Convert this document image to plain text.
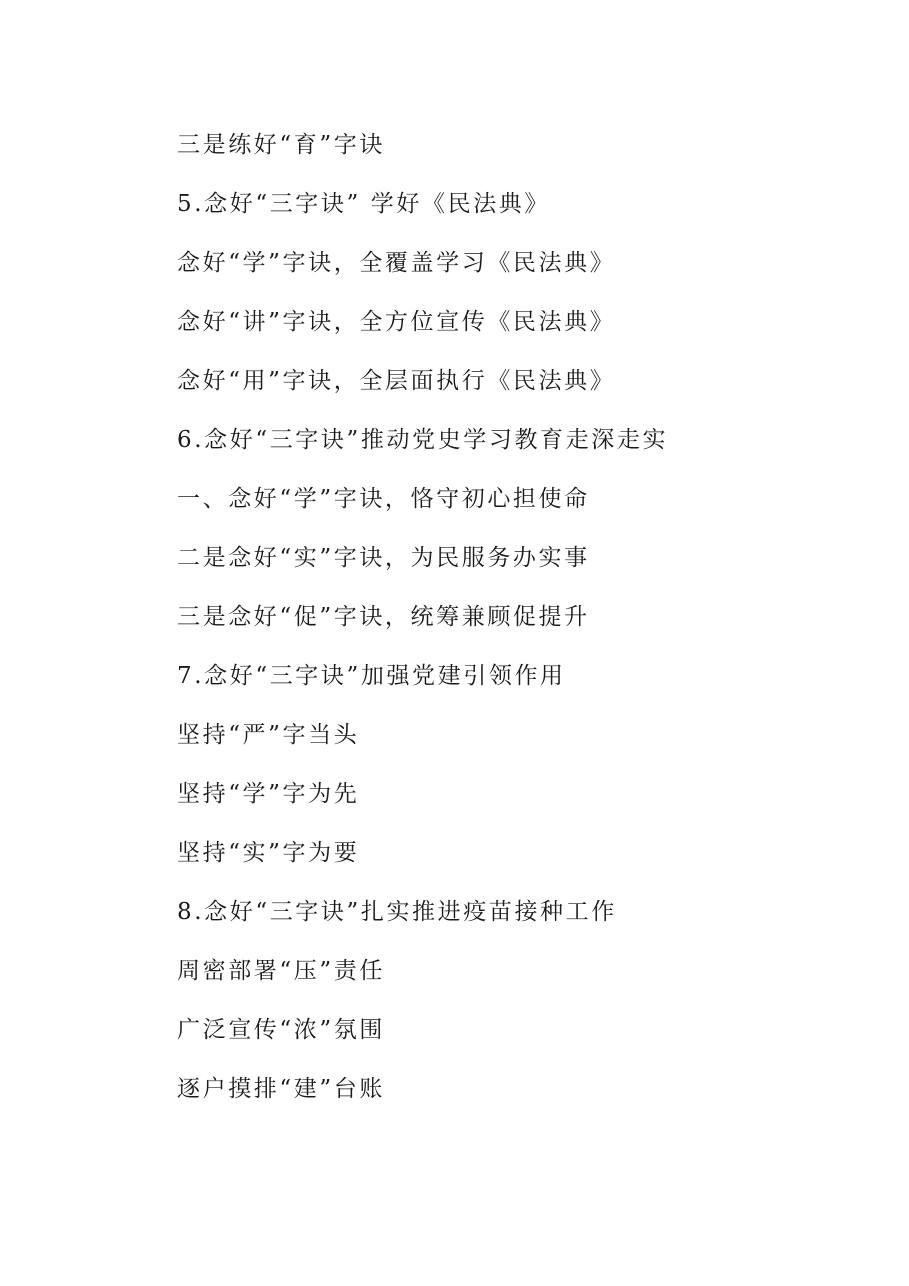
三是练好“育”字诀
5.念好“三字诀” 学好《民法典》
念好“学”字诀，全覆盖学习《民法典》
念好“讲”字诀，全方位宣传《民法典》
念好“用”字诀，全层面执行《民法典》
6.念好“三字诀”推动党史学习教育走深走实
一、念好“学”字诀，恪守初心担使命
二是念好“实”字诀，为民服务办实事
三是念好“促”字诀，统筹兼顾促提升
7.念好“三字诀”加强党建引领作用
坚持“严”字当头
坚持“学”字为先
坚持“实”字为要
8.念好“三字诀”扎实推进疫苗接种工作
周密部署“压”责任
广泛宣传“浓”氛围
逐户摸排“建”台账
